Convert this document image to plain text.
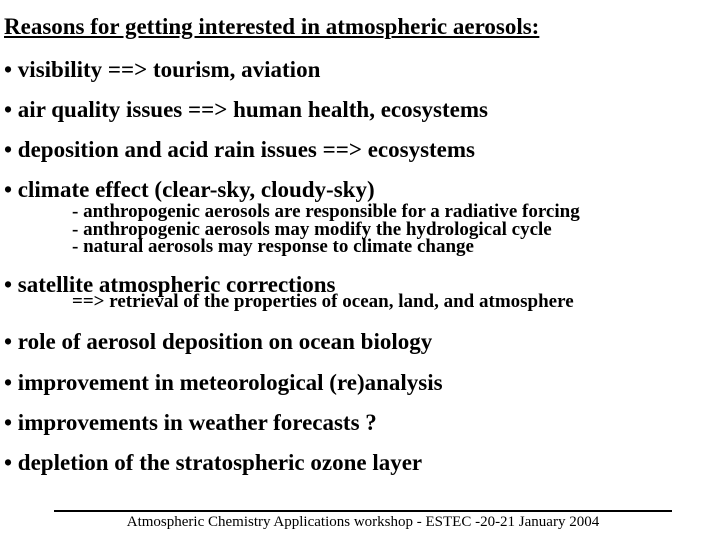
Reasons for getting interested in atmospheric aerosols:
• visibility ==> tourism, aviation
• air quality issues ==> human health, ecosystems
• deposition and acid rain issues ==> ecosystems
• climate effect (clear-sky, cloudy-sky)
- anthropogenic aerosols are responsible for a radiative forcing
- anthropogenic aerosols may modify the hydrological cycle
- natural aerosols may response to climate change
• satellite atmospheric corrections
==> retrieval of the properties of ocean, land, and atmosphere
• role of aerosol deposition on ocean biology
• improvement in meteorological (re)analysis
• improvements in weather forecasts ?
• depletion of the stratospheric ozone layer
Atmospheric Chemistry Applications workshop - ESTEC -20-21 January 2004
